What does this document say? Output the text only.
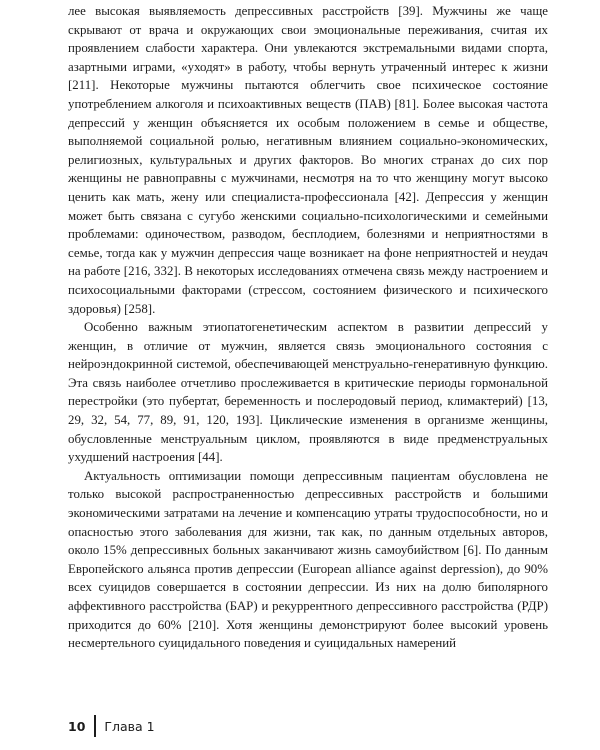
лее высокая выявляемость депрессивных расстройств [39]. Мужчины же чаще скрывают от врача и окружающих свои эмоциональные переживания, считая их проявлением слабости характера. Они увлекаются экстремальными видами спорта, азартными играми, «уходят» в работу, чтобы вернуть утраченный интерес к жизни [211]. Некоторые мужчины пытаются облегчить свое психическое состояние употреблением алкоголя и психоактивных веществ (ПАВ) [81]. Более высокая частота депрессий у женщин объясняется их особым положением в семье и обществе, выполняемой социальной ролью, негативным влиянием социально-экономических, религиозных, культуральных и других факторов. Во многих странах до сих пор женщины не равноправны с мужчинами, несмотря на то что женщину могут высоко ценить как мать, жену или специалиста-профессионала [42]. Депрессия у женщин может быть связана с сугубо женскими социально-психологическими и семейными проблемами: одиночеством, разводом, бесплодием, болезнями и неприятностями в семье, тогда как у мужчин депрессия чаще возникает на фоне неприятностей и неудач на работе [216, 332]. В некоторых исследованиях отмечена связь между настроением и психосоциальными факторами (стрессом, состоянием физического и психического здоровья) [258].

Особенно важным этиопатогенетическим аспектом в развитии депрессий у женщин, в отличие от мужчин, является связь эмоционального состояния с нейроэндокринной системой, обеспечивающей менструально-генеративную функцию. Эта связь наиболее отчетливо прослеживается в критические периоды гормональной перестройки (это пубертат, беременность и послеродовый период, климактерий) [13, 29, 32, 54, 77, 89, 91, 120, 193]. Циклические изменения в организме женщины, обусловленные менструальным циклом, проявляются в виде предменструальных ухудшений настроения [44].

Актуальность оптимизации помощи депрессивным пациентам обусловлена не только высокой распространенностью депрессивных расстройств и большими экономическими затратами на лечение и компенсацию утраты трудоспособности, но и опасностью этого заболевания для жизни, так как, по данным отдельных авторов, около 15% депрессивных больных заканчивают жизнь самоубийством [6]. По данным Европейского альянса против депрессии (European alliance against depression), до 90% всех суицидов совершается в состоянии депрессии. Из них на долю биполярного аффективного расстройства (БАР) и рекуррентного депрессивного расстройства (РДР) приходится до 60% [210]. Хотя женщины демонстрируют более высокий уровень несмертельного суицидального поведения и суицидальных намерений

10 Глава 1
